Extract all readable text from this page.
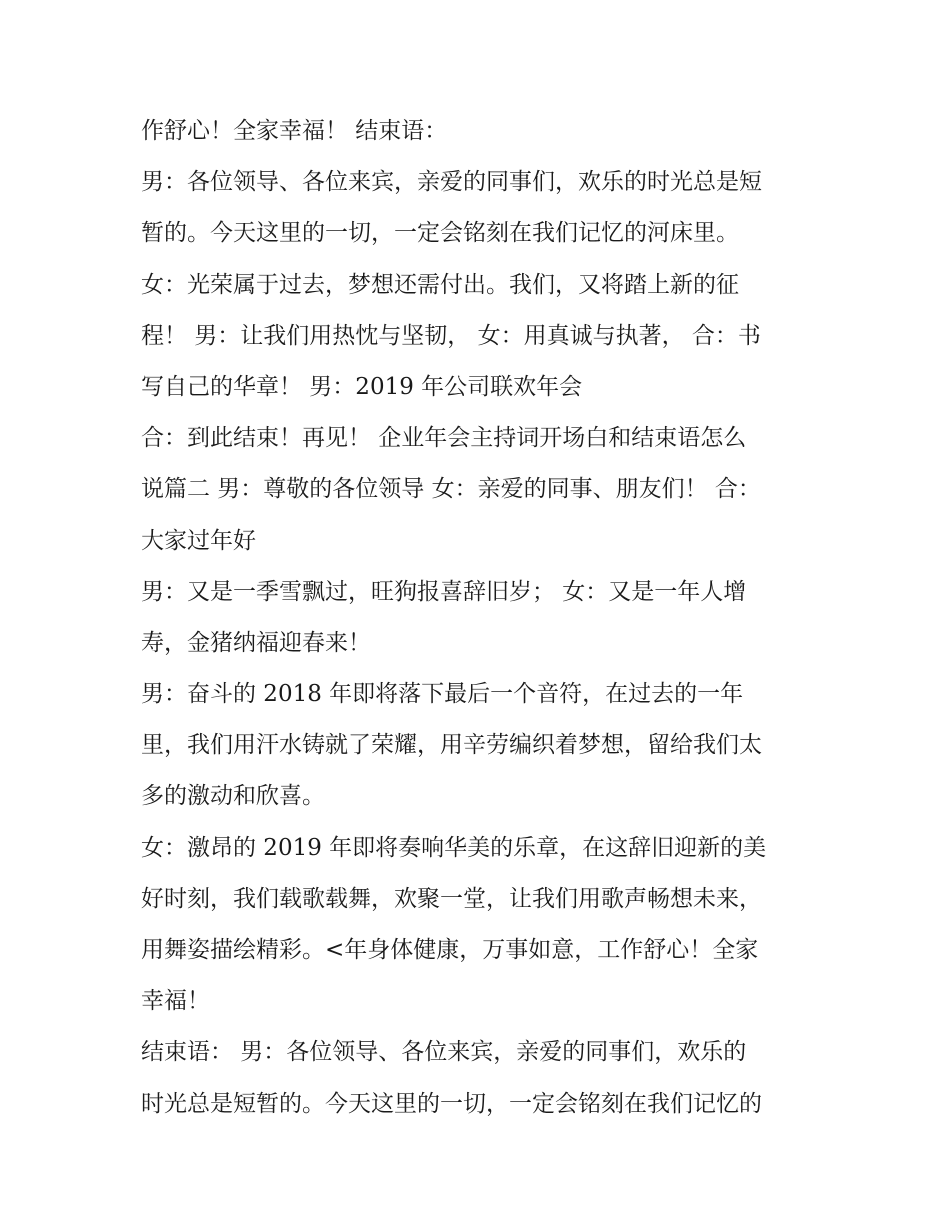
作舒心！全家幸福！ 结束语：
男：各位领导、各位来宾，亲爱的同事们，欢乐的时光总是短
暂的。今天这里的一切，一定会铭刻在我们记忆的河床里。
女：光荣属于过去，梦想还需付出。我们，又将踏上新的征
程！ 男：让我们用热忱与坚韧， 女：用真诚与执著， 合：书
写自己的华章！ 男：2019 年公司联欢年会
合：到此结束！再见！ 企业年会主持词开场白和结束语怎么
说篇二 男：尊敬的各位领导 女：亲爱的同事、朋友们！ 合：
大家过年好
男：又是一季雪飘过，旺狗报喜辞旧岁； 女：又是一年人增
寿，金猪纳福迎春来！
男：奋斗的 2018 年即将落下最后一个音符，在过去的一年
里，我们用汗水铸就了荣耀，用辛劳编织着梦想，留给我们太
多的激动和欣喜。
女：激昂的 2019 年即将奏响华美的乐章，在这辞旧迎新的美
好时刻，我们载歌载舞，欢聚一堂，让我们用歌声畅想未来，
用舞姿描绘精彩。<年身体健康，万事如意，工作舒心！全家
幸福！
结束语： 男：各位领导、各位来宾，亲爱的同事们，欢乐的
时光总是短暂的。今天这里的一切，一定会铭刻在我们记忆的
